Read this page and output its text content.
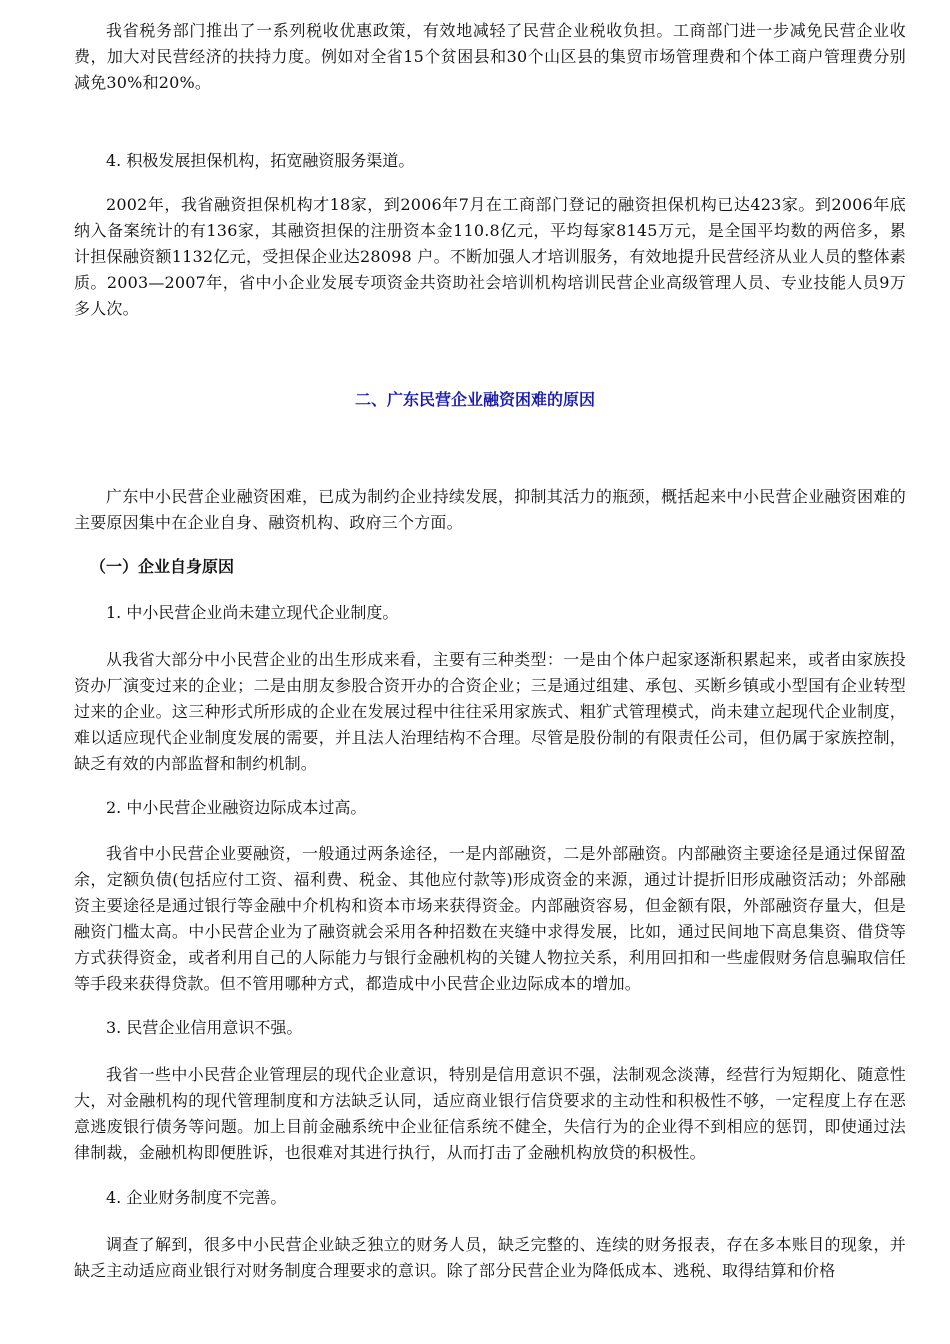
我省税务部门推出了一系列税收优惠政策，有效地减轻了民营企业税收负担。工商部门进一步减免民营企业收费，加大对民营经济的扶持力度。例如对全省15个贫困县和30个山区县的集贸市场管理费和个体工商户管理费分别减免30%和20%。

4. 积极发展担保机构，拓宽融资服务渠道。

2002年，我省融资担保机构才18家，到2006年7月在工商部门登记的融资担保机构已达423家。到2006年底纳入备案统计的有136家，其融资担保的注册资本金110.8亿元，平均每家8145万元，是全国平均数的两倍多，累计担保融资额1132亿元，受担保企业达28098 户。不断加强人才培训服务，有效地提升民营经济从业人员的整体素质。2003—2007年，省中小企业发展专项资金共资助社会培训机构培训民营企业高级管理人员、专业技能人员9万多人次。

二、广东民营企业融资困难的原因

广东中小民营企业融资困难，已成为制约企业持续发展，抑制其活力的瓶颈，概括起来中小民营企业融资困难的主要原因集中在企业自身、融资机构、政府三个方面。

（一）企业自身原因

1. 中小民营企业尚未建立现代企业制度。

从我省大部分中小民营企业的出生形成来看，主要有三种类型：一是由个体户起家逐渐积累起来，或者由家族投资办厂演变过来的企业；二是由朋友参股合资开办的合资企业；三是通过组建、承包、买断乡镇或小型国有企业转型过来的企业。这三种形式所形成的企业在发展过程中往往采用家族式、粗犷式管理模式，尚未建立起现代企业制度，难以适应现代企业制度发展的需要，并且法人治理结构不合理。尽管是股份制的有限责任公司，但仍属于家族控制，缺乏有效的内部监督和制约机制。

2. 中小民营企业融资边际成本过高。

我省中小民营企业要融资，一般通过两条途径，一是内部融资，二是外部融资。内部融资主要途径是通过保留盈余，定额负债(包括应付工资、福利费、税金、其他应付款等)形成资金的来源，通过计提折旧形成融资活动；外部融资主要途径是通过银行等金融中介机构和资本市场来获得资金。内部融资容易，但金额有限，外部融资存量大，但是融资门槛太高。中小民营企业为了融资就会采用各种招数在夹缝中求得发展，比如，通过民间地下高息集资、借贷等方式获得资金，或者利用自己的人际能力与银行金融机构的关键人物拉关系，利用回扣和一些虚假财务信息骗取信任等手段来获得贷款。但不管用哪种方式，都造成中小民营企业边际成本的增加。

3. 民营企业信用意识不强。

我省一些中小民营企业管理层的现代企业意识，特别是信用意识不强，法制观念淡薄，经营行为短期化、随意性大，对金融机构的现代管理制度和方法缺乏认同，适应商业银行信贷要求的主动性和积极性不够，一定程度上存在恶意逃废银行债务等问题。加上目前金融系统中企业征信系统不健全，失信行为的企业得不到相应的惩罚，即使通过法律制裁，金融机构即便胜诉，也很难对其进行执行，从而打击了金融机构放贷的积极性。

4. 企业财务制度不完善。

调查了解到，很多中小民营企业缺乏独立的财务人员，缺乏完整的、连续的财务报表，存在多本账目的现象，并缺乏主动适应商业银行对财务制度合理要求的意识。除了部分民营企业为降低成本、逃税、取得结算和价格
